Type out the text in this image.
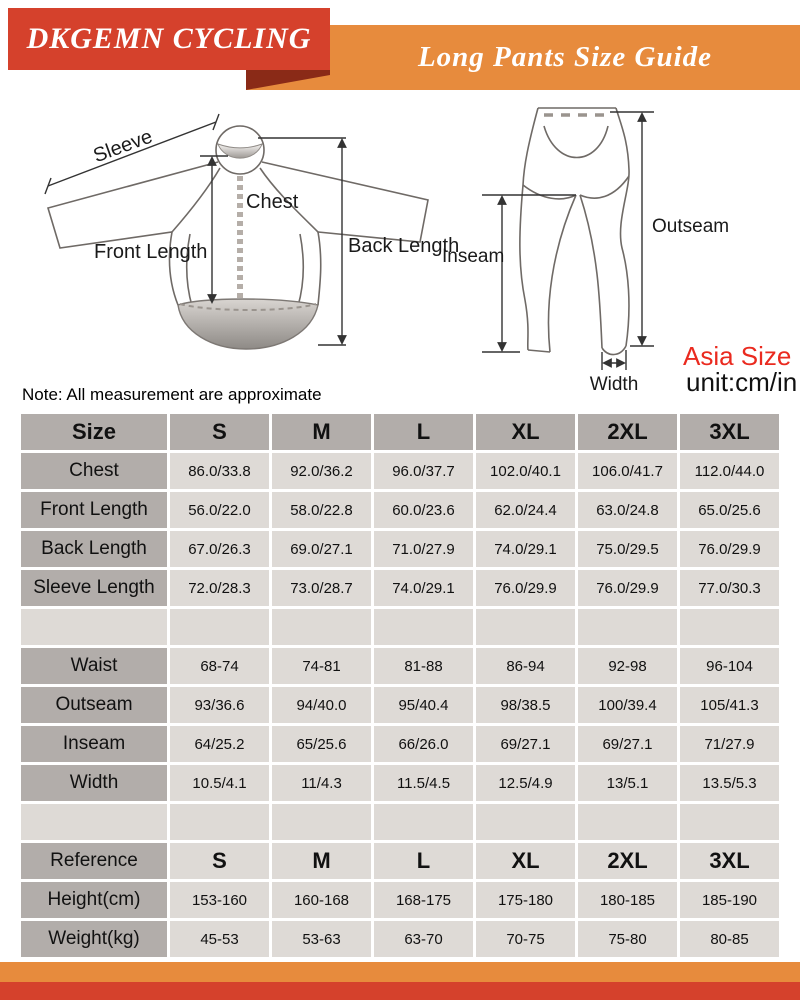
DKGEMN CYCLING
Long Pants Size Guide
Sleeve
Chest
Front Length	Back Length
Inseam
Outseam
Width
Asia Size
unit:cm/in
Note: All measurement are approximate
Size	S	M	L	XL	2XL	3XL
Chest	86.0/33.8	92.0/36.2	96.0/37.7	102.0/40.1	106.0/41.7	112.0/44.0
Front Length	56.0/22.0	58.0/22.8	60.0/23.6	62.0/24.4	63.0/24.8	65.0/25.6
Back Length	67.0/26.3	69.0/27.1	71.0/27.9	74.0/29.1	75.0/29.5	76.0/29.9
Sleeve Length	72.0/28.3	73.0/28.7	74.0/29.1	76.0/29.9	76.0/29.9	77.0/30.3

Waist	68-74	74-81	81-88	86-94	92-98	96-104
Outseam	93/36.6	94/40.0	95/40.4	98/38.5	100/39.4	105/41.3
Inseam	64/25.2	65/25.6	66/26.0	69/27.1	69/27.1	71/27.9
Width	10.5/4.1	11/4.3	11.5/4.5	12.5/4.9	13/5.1	13.5/5.3

Reference	S	M	L	XL	2XL	3XL
Height(cm)	153-160	160-168	168-175	175-180	180-185	185-190
Weight(kg)	45-53	53-63	63-70	70-75	75-80	80-85
